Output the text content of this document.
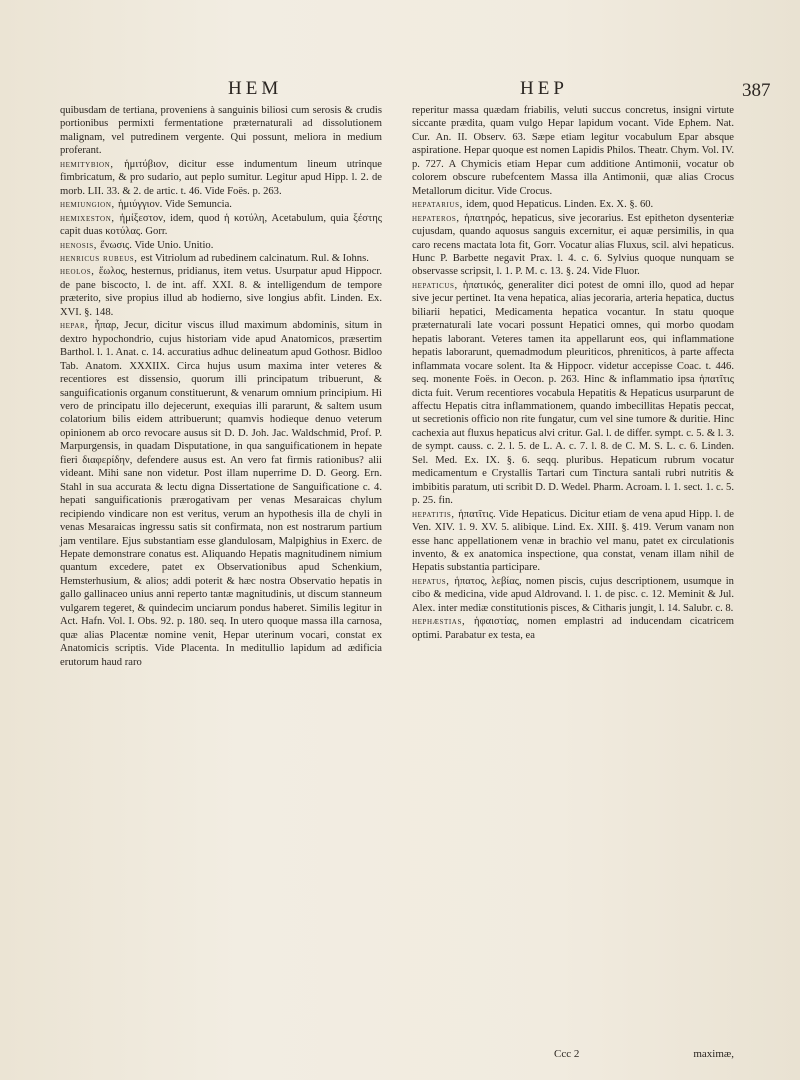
HEM	HEP	387

quibusdam de tertiana, proveniens à sanguinis biliosi cum serosis & crudis portionibus permixti fermentatione præternaturali ad dissolutionem malignam, vel putredinem vergente. Qui possunt, meliora in medium proferant.

hemitybion, ἡμιτύβιον, dicitur esse indumentum lineum utrinque fimbricatum, & pro sudario, aut peplo sumitur. Legitur apud Hipp. l. 2. de morb. LII. 33. & 2. de artic. t. 46. Vide Foës. p. 263.

hemiungion, ἡμιύγγιον. Vide Semuncia.

hemixeston, ἡμίξεστον, idem, quod ἡ κοτύλη, Acetabulum, quia ξέστης capit duas κοτύλας. Gorr.

henosis, ἕνωσις. Vide Unio. Unitio.

henricus rubeus, est Vitriolum ad rubedinem calcinatum. Rul. & Iohns.

heolos, ἕωλος, hesternus, pridianus, item vetus. Usurpatur apud Hippocr. de pane biscocto, l. de int. aff. XXI. 8. & intelligendum de tempore præterito, sive propius illud ab hodierno, sive longius abfit. Linden. Ex. XVI. §. 148.

hepar, ἧπαρ, Jecur, dicitur viscus illud maximum abdominis, situm in dextro hypochondrio, cujus historiam vide apud Anatomicos, præsertim Barthol. l. 1. Anat. c. 14. accuratius adhuc delineatum apud Gothosr. Bidloo Tab. Anatom. XXXIIX. Circa hujus usum maxima inter veteres & recentiores est dissensio, quorum illi principatum tribuerunt, & sanguificationis organum constituerunt, & venarum omnium principium. Hi vero de principatu illo dejecerunt, exequias illi pararunt, & saltem usum colatorium bilis eidem attribuerunt; quamvis hodieque denuo veterum opinionem ab orco revocare ausus sit D. D. Joh. Jac. Waldschmid, Prof. P. Marpurgensis, in quadam Disputatione, in qua sanguificationem in hepate fieri διαφερίδην, defendere ausus est. An vero fat firmis rationibus? alii videant. Mihi sane non videtur. Post illam nuperrime D. D. Georg. Ern. Stahl in sua accurata & lectu digna Dissertatione de Sanguificatione c. 4. hepati sanguificationis prærogativam per venas Mesaraicas chylum recipiendo vindicare non est veritus, verum an hypothesis illa de chyli in venas Mesaraicas ingressu satis sit confirmata, non est nostrarum partium jam ventilare. Ejus substantiam esse glandulosam, Malpighius in Exerc. de Hepate demonstrare conatus est. Aliquando Hepatis magnitudinem nimium quantum excedere, patet ex Observationibus apud Schenkium, Hemsterhusium, & alios; addi poterit & hæc nostra Observatio hepatis in gallo gallinaceo unius anni reperto tantæ magnitudinis, ut discum stanneum vulgarem tegeret, & quindecim unciarum pondus haberet. Similis legitur in Act. Hafn. Vol. I. Obs. 92. p. 180. seq. In utero quoque massa illa carnosa, quæ alias Placentæ nomine venit, Hepar uterinum vocari, constat ex Anatomicis scriptis. Vide Placenta. In meditullio lapidum ad ædificia erutorum haud raro

reperitur massa quædam friabilis, veluti succus concretus, insigni virtute siccante prædita, quam vulgo Hepar lapidum vocant. Vide Ephem. Nat. Cur. An. II. Observ. 63. Sæpe etiam legitur vocabulum Epar absque aspiratione. Hepar quoque est nomen Lapidis Philos. Theatr. Chym. Vol. IV. p. 727. A Chymicis etiam Hepar cum additione Antimonii, vocatur ob colorem obscure rubefcentem Massa illa Antimonii, quæ alias Crocus Metallorum dicitur. Vide Crocus.

hepatarius, idem, quod Hepaticus. Linden. Ex. X. §. 60.

hepateros, ἡπατηρός, hepaticus, sive jecorarius. Est epitheton dysenteriæ cujusdam, quando aquosus sanguis excernitur, ei aquæ persimilis, in qua caro recens mactata lota fit, Gorr. Vocatur alias Fluxus, scil. alvi hepaticus. Hunc P. Barbette negavit Prax. l. 4. c. 6. Sylvius quoque nunquam se observasse scripsit, l. 1. P. M. c. 13. §. 24. Vide Fluor.

hepaticus, ἡπατικός, generaliter dici potest de omni illo, quod ad hepar sive jecur pertinet. Ita vena hepatica, alias jecoraria, arteria hepatica, ductus biliarii hepatici, Medicamenta hepatica vocantur. In statu quoque præternaturali late vocari possunt Hepatici omnes, qui morbo quodam hepatis laborant. Veteres tamen ita appellarunt eos, qui inflammatione hepatis laborarunt, quemadmodum pleuriticos, phreniticos, à parte affecta inflammata vocare solent. Ita & Hippocr. videtur accepisse Coac. t. 446. seq. monente Foës. in Oecon. p. 263. Hinc & inflammatio ipsa ἡπατῖτις dicta fuit. Verum recentiores vocabula Hepatitis & Hepaticus usurparunt de affectu Hepatis citra inflammationem, quando imbecillitas Hepatis peccat, ut secretionis officio non rite fungatur, cum vel sine tumore & duritie. Hinc cachexia aut fluxus hepaticus alvi critur. Gal. l. de differ. sympt. c. 5. & l. 3. de sympt. causs. c. 2. l. 5. de L. A. c. 7. l. 8. de C. M. S. L. c. 6. Linden. Sel. Med. Ex. IX. §. 6. seqq. pluribus. Hepaticum rubrum vocatur medicamentum e Crystallis Tartari cum Tinctura santali rubri nutritis & imbibitis paratum, uti scribit D. D. Wedel. Pharm. Acroam. l. 1. sect. 1. c. 5. p. 25. fin.

hepatitis, ἡπατῖτις. Vide Hepaticus. Dicitur etiam de vena apud Hipp. l. de Ven. XIV. 1. 9. XV. 5. alibique. Lind. Ex. XIII. §. 419. Verum vanam non esse hanc appellationem venæ in brachio vel manu, patet ex circulationis invento, & ex anatomica inspectione, qua constat, venam illam nihil de Hepatis substantia participare.

hepatus, ἡπατος, λεβίας, nomen piscis, cujus descriptionem, usumque in cibo & medicina, vide apud Aldrovand. l. 1. de pisc. c. 12. Meminit & Jul. Alex. inter mediæ constitutionis pisces, & Citharis jungit, l. 14. Salubr. c. 8.

hephæstias, ἡφαιστίας, nomen emplastri ad inducendam cicatricem optimi. Parabatur ex testa, ea

Ccc 2	maximæ,
